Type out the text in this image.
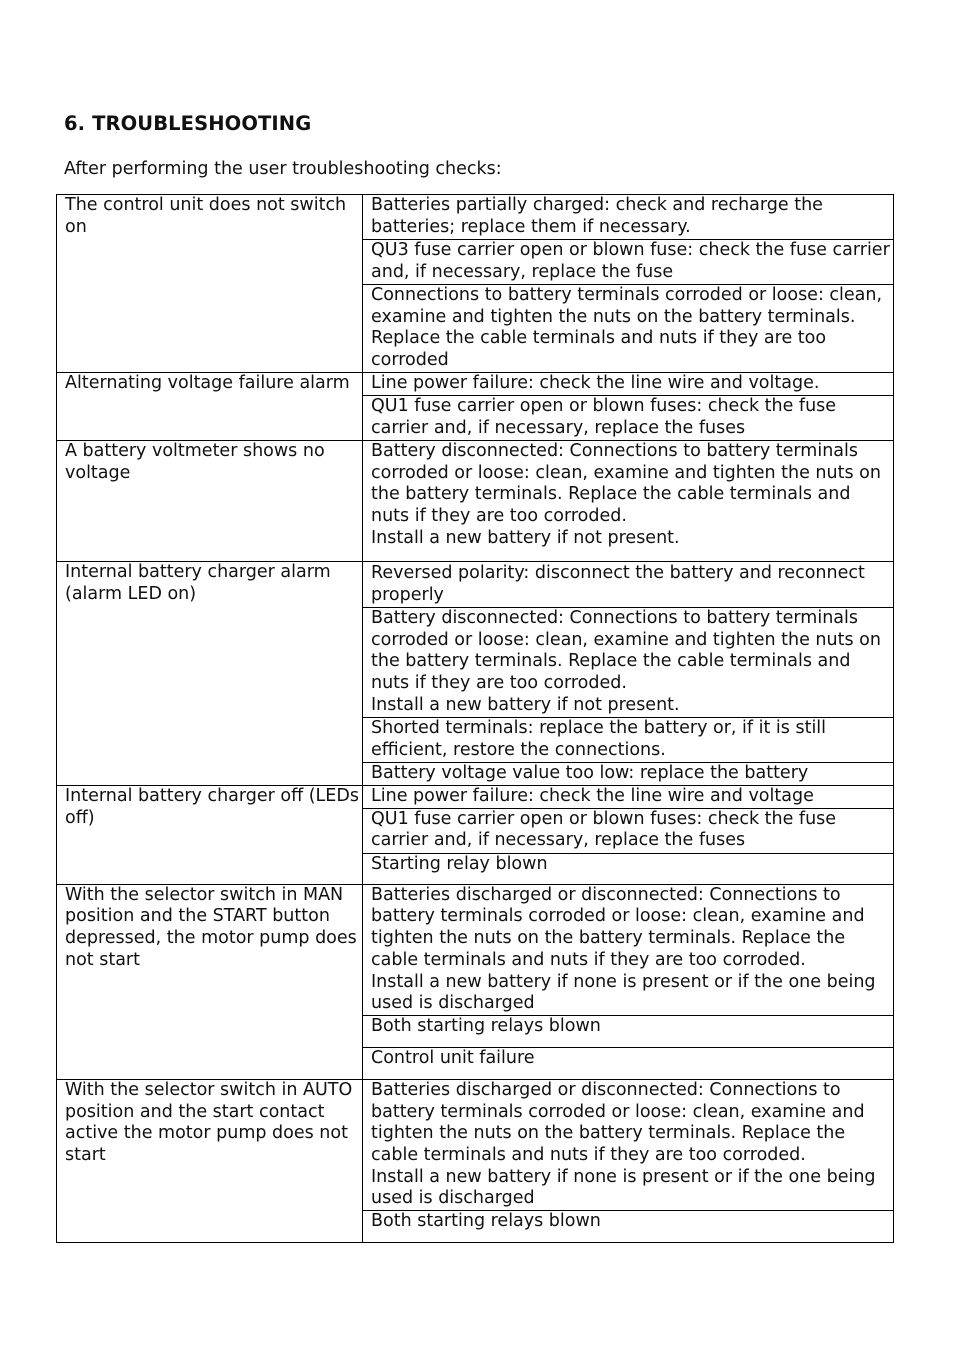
6. TROUBLESHOOTING
After performing the user troubleshooting checks:
The control unit does not switch on	Batteries partially charged: check and recharge the batteries; replace them if necessary.

	QU3 fuse carrier open or blown fuse: check the fuse carrier and, if necessary, replace the fuse

	Connections to battery terminals corroded or loose: clean, examine and tighten the nuts on the battery terminals. Replace the cable terminals and nuts if they are too corroded

Alternating voltage failure alarm	Line power failure: check the line wire and voltage.

	QU1 fuse carrier open or blown fuses: check the fuse carrier and, if necessary, replace the fuses

A battery voltmeter shows no voltage	Battery disconnected: Connections to battery terminals corroded or loose: clean, examine and tighten the nuts on the battery terminals. Replace the cable terminals and nuts if they are too corroded.
Install a new battery if not present.

Internal battery charger alarm (alarm LED on)	Reversed polarity: disconnect the battery and reconnect properly

	Battery disconnected: Connections to battery terminals corroded or loose: clean, examine and tighten the nuts on the battery terminals. Replace the cable terminals and nuts if they are too corroded.
Install a new battery if not present.

	Shorted terminals: replace the battery or, if it is still efficient, restore the connections.

	Battery voltage value too low: replace the battery

Internal battery charger off (LEDs off)	Line power failure: check the line wire and voltage

	QU1 fuse carrier open or blown fuses: check the fuse carrier and, if necessary, replace the fuses

	Starting relay blown

With the selector switch in MAN position and the START button depressed, the motor pump does not start	Batteries discharged or disconnected: Connections to battery terminals corroded or loose: clean, examine and tighten the nuts on the battery terminals. Replace the cable terminals and nuts if they are too corroded.
Install a new battery if none is present or if the one being used is discharged

	Both starting relays blown

	Control unit failure

With the selector switch in AUTO position and the start contact active the motor pump does not start	Batteries discharged or disconnected: Connections to battery terminals corroded or loose: clean, examine and tighten the nuts on the battery terminals. Replace the cable terminals and nuts if they are too corroded.
Install a new battery if none is present or if the one being used is discharged

	Both starting relays blown
